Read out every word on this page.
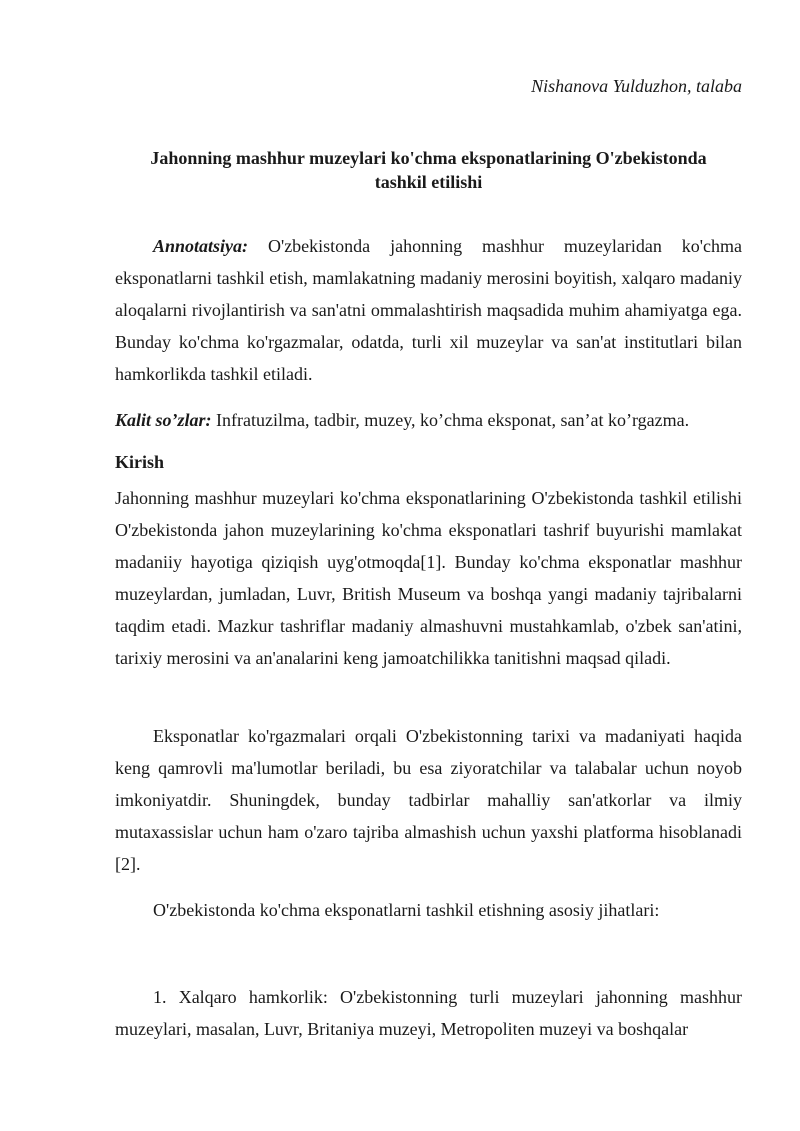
Nishanova Yulduzhon, talaba
Jahonning mashhur muzeylari ko'chma eksponatlarining O'zbekistonda
tashkil etilishi
Annotatsiya: O'zbekistonda jahonning mashhur muzeylaridan ko'chma eksponatlarni tashkil etish, mamlakatning madaniy merosini boyitish, xalqaro madaniy aloqalarni rivojlantirish va san'atni ommalashtirish maqsadida muhim ahamiyatga ega. Bunday ko'chma ko'rgazmalar, odatda, turli xil muzeylar va san'at institutlari bilan hamkorlikda tashkil etiladi.
Kalit so’zlar: Infratuzilma, tadbir, muzey, ko’chma eksponat, san’at ko’rgazma.
Kirish
Jahonning mashhur muzeylari ko'chma eksponatlarining O'zbekistonda tashkil etilishi O'zbekistonda jahon muzeylarining ko'chma eksponatlari tashrif buyurishi mamlakat madaniiy hayotiga qiziqish uyg'otmoqda[1]. Bunday ko'chma eksponatlar mashhur muzeylardan, jumladan, Luvr, British Museum va boshqa yangi madaniy tajribalarni taqdim etadi. Mazkur tashriflar madaniy almashuvni mustahkamlab, o'zbek san'atini, tarixiy merosini va an'analarini keng jamoatchilikka tanitishni maqsad qiladi.
Eksponatlar ko'rgazmalari orqali O'zbekistonning tarixi va madaniyati haqida keng qamrovli ma'lumotlar beriladi, bu esa ziyoratchilar va talabalar uchun noyob imkoniyatdir. Shuningdek, bunday tadbirlar mahalliy san'atkorlar va ilmiy mutaxassislar uchun ham o'zaro tajriba almashish uchun yaxshi platforma hisoblanadi [2].
O'zbekistonda ko'chma eksponatlarni tashkil etishning asosiy jihatlari:
1. Xalqaro hamkorlik: O'zbekistonning turli muzeylari jahonning mashhur muzeylari, masalan, Luvr, Britaniya muzeyi, Metropoliten muzeyi va boshqalar
